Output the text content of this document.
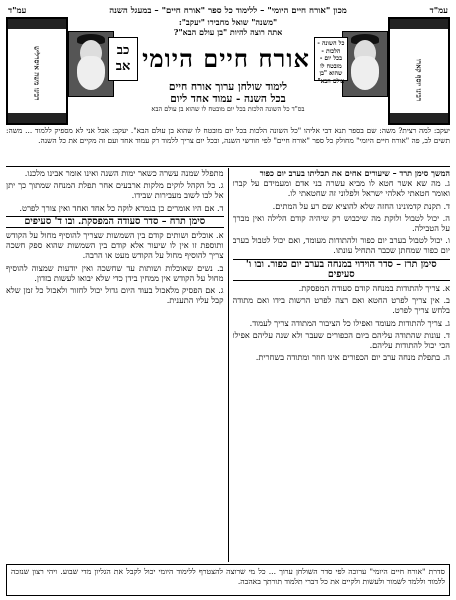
עמ"ד
מכון "אורח חיים היומי" – ללימוד כל ספר "אורח חיים" – במעגל השנה
עמ"ד
רבינו יוסף קארו
רבינו משה איסרליש
"משנה" שואל מחבירו "יעקב":
אתה רוצה להיות "בן עולם הבא"?
כל השונה - הלכות - בכל יום - מובטח לו שהוא "בן עולם הבא"
אורח חיים היומי
כב
אב
לימוד שולחן ערוך אורח חיים
בכל השנה - עמוד אחד ליום
בס"ד כל השונה הלכות בכל יום מובטח לו שהוא בן עולם הבא
יעקב: למה רצית? משה: שם בספר תנא דבי אליהו "כל השונה הלכות בכל יום מובטח לו שהוא בן עולם הבא". יעקב: אבל אני לא מספיק ללמוד ... משה: תשים לב, פה "אורח חיים היומי" מחולק כל ספר "אורח חיים" לפי חודשי השנה, ובכל יום צריך ללמוד רק עמוד אחד ועם זה מקיים את כל השנה.
המשך סימן תרד – שיעורים אחים את תכליתו בערב יום כפור

ג. מה שא אשר חטא לו מביא עשרה בני אדם ומעמידם על קברו ואומר חטאתי לאלהי ישראל ולפלוני זה שחטאתי לו.

ד. תקנת קדמונינו החזה שלא להוציא שם רע על המתים.

ה. יכול לטבול ולוקת מה שיכבוש רק שיהיה קודם הלילה ואין מברך על הטבילה.

ו. יכול לטבול בערב יום כפור ולהתודות מעומד, ואם יכול לטבול בערב יום כפור שמחתן שכבר התחיל עונתו.

סימן תרז – סדר הוידוי במנחה בערב יום כפור. ובו ו' סעיפים

א. צריך להתודות במנחה קודם סעודה המפסקת.

ב. אין צריך לפרט החטא ואם רצה לפרט הרשות בידו ואם מתודה בלחש צריך לפרט.

ג. צריך להתודות מעומד ואפילו כל הציבור המתודה צריך לעמוד.

ד. עונות שהתודה עליהם ביום הכפורים שעבר ולא שנה עליהם אפילו הכי יכול להתודות עליהם.

ה. בתפלת מנחה ערב יום הכפורים אינו חוזר ומתודה בשחרית.

מתפלל שמנה עשרה כשאר ימות השנה ואינו אומר אבינו מלכנו.

ג. כל הקהל לוקים מלקות ארבעים אחר תפלת המנחה שמתוך כך יתן אל לבו לשוב מעבירות שבידו.

ד. אם היו אומרים כן בגמרא לוקה כל אחד ואחד ואין צורך לפרט.

סימן תרח – סדר סעודה המפסקת. ובו ד' סעיפים

א. אוכלים ושותים קודם בין השמשות שצריך להוסיף מחול על הקודש ותוספת זו אין לו שיעור אלא קודם בין השמשות שהוא ספק חשכה צריך להוסיף מחול על הקודש מעט או הרבה.

ב. נשים שאוכלות ושותות עד שחשכה ואין יודעות שמצוה להוסיף מחול על הקודש אין ממחין בידן כדי שלא יבואו לעשות בזדון.

ג. אם הפסיק מלאכול בעוד היום גדול יכול לחזור ולאכול כל זמן שלא קבל עליו התענית.

סדרת "אורח חיים היומי" ערוכה לפי סדר השולחן ערוך ... כל מי שרוצה להצטרף ללימוד היומי יכול לקבל את הגליון מדי שבוע. ויהי רצון שנזכה ללמוד וללמד לשמור ולעשות ולקיים את כל דברי תלמוד תורתך באהבה.
